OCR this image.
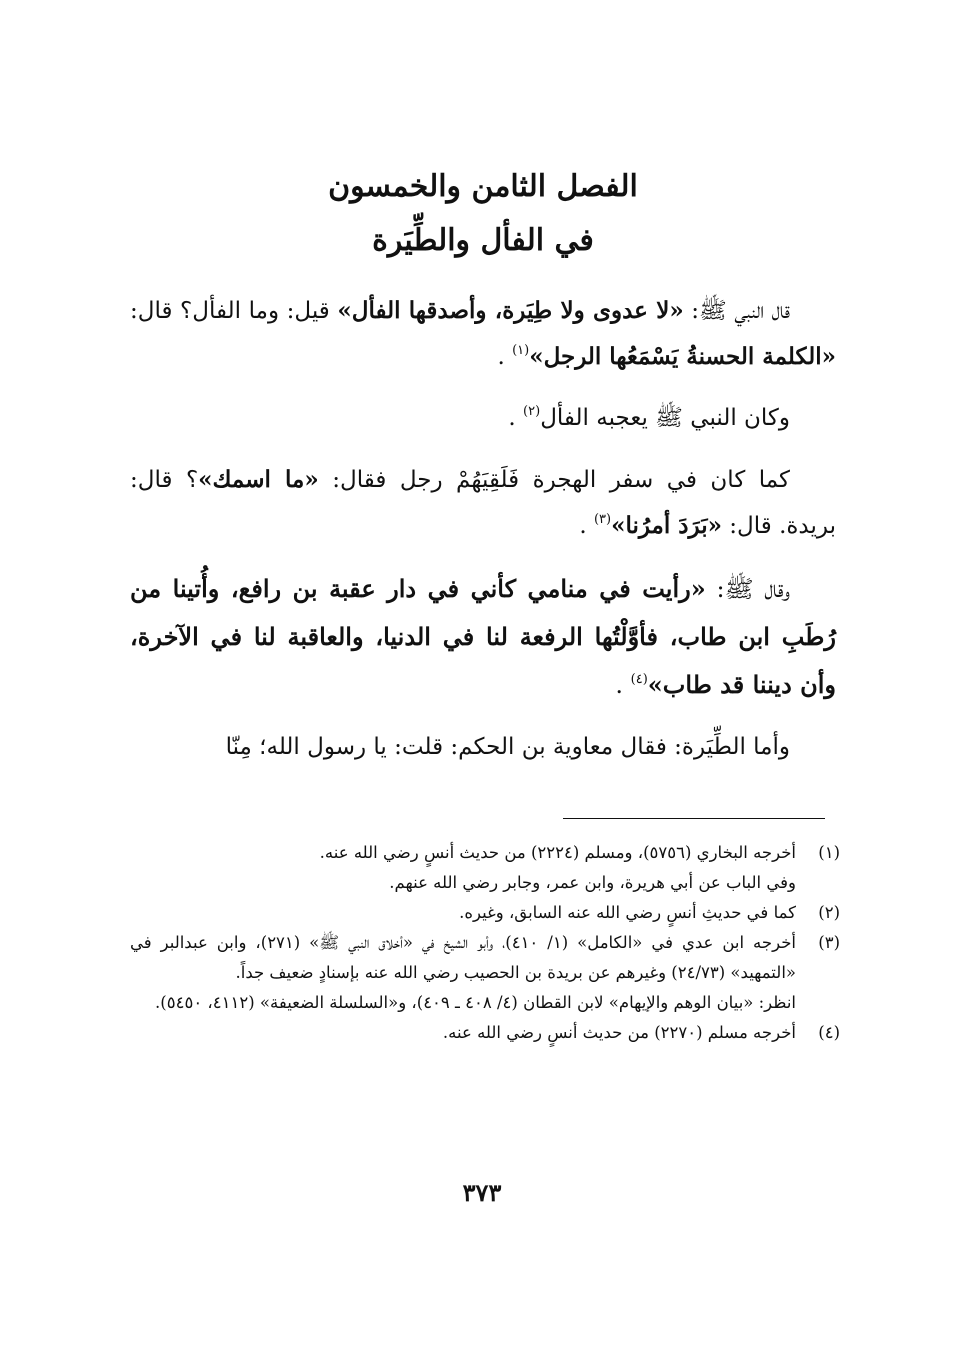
الفصل الثامن والخمسون
في الفأل والطِّيَرة

قال النبي ﷺ: «لا عدوى ولا طِيَرة، وأصدقها الفأل» قيل: وما الفأل؟ قال: «الكلمة الحسنةُ يَسْمَعُها الرجل»$^{(١)}$ .

وكان النبي ﷺ يعجبه الفأل$^{(٢)}$ .

كما كان في سفر الهجرة فَلَقِيَهُمْ رجل فقال: «ما اسمك»؟ قال: بريدة. قال: «بَرَدَ أمرُنا»$^{(٣)}$ .

وقال ﷺ: «رأيت في منامي كأني في دار عقبة بن رافع، وأُتينا من رُطَبِ ابن طاب، فأوَّلْتُها الرفعة لنا في الدنيا، والعاقبة لنا في الآخرة، وأن ديننا قد طاب»$^{(٤)}$ .

وأما الطِّيَرة: فقال معاوية بن الحكم: قلت: يا رسول الله؛ مِنّا

(١)
أخرجه البخاري (٥٧٥٦)، ومسلم (٢٢٢٤) من حديث أنسٍ رضي الله عنه.
وفي الباب عن أبي هريرة، وابن عمر، وجابر رضي الله عنهم.
(٢)
كما في حديثِ أنسٍ رضي الله عنه السابق، وغيره.
(٣)
أخرجه ابن عدي في «الكامل» (١/ ٤١٠)، وأبو الشيخ في «أخلاق النبي ﷺ» (٢٧١)، وابن عبدالبر في «التمهيد» (٢٤/٧٣) وغيرهم عن بريدة بن الحصيب رضي الله عنه بإسنادٍ ضعيف جداً.
انظر: «بيان الوهم والإيهام» لابن القطان (٤/ ٤٠٨ ـ ٤٠٩)، و«السلسلة الضعيفة» (٤١١٢، ٥٤٥٠).
(٤)
أخرجه مسلم (٢٢٧٠) من حديث أنسٍ رضي الله عنه.
٣٧٣
